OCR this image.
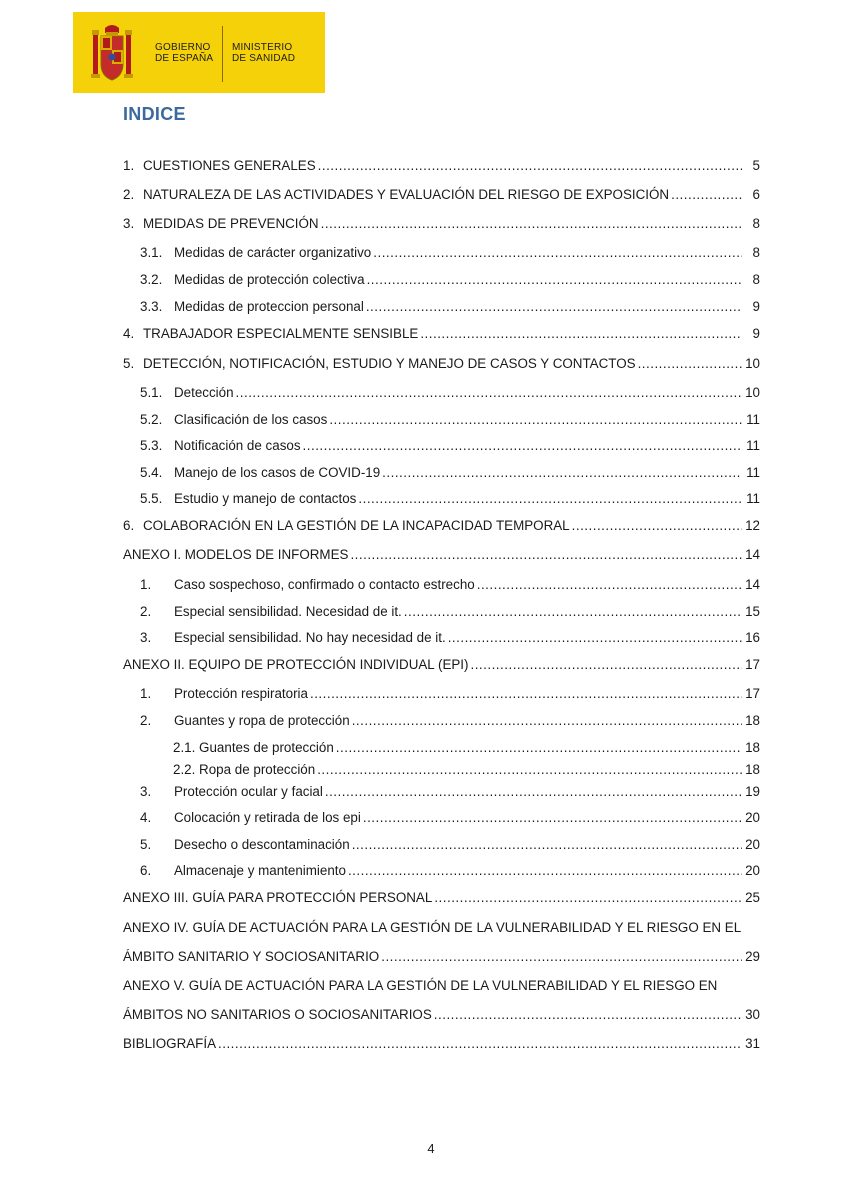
GOBIERNO
DE ESPAÑA
MINISTERIO
DE SANIDAD
INDICE
1. CUESTIONES GENERALES .....	5
2. NATURALEZA DE LAS ACTIVIDADES Y EVALUACIÓN DEL RIESGO DE EXPOSICIÓN .....	6
3. MEDIDAS DE PREVENCIÓN .....	8
3.1. Medidas de carácter organizativo .....	8
3.2. Medidas de protección colectiva .....	8
3.3. Medidas de proteccion personal .....	9
4. TRABAJADOR ESPECIALMENTE SENSIBLE .....	9
5. DETECCIÓN, NOTIFICACIÓN, ESTUDIO Y MANEJO DE CASOS Y CONTACTOS .....	10
5.1. Detección .....	10
5.2. Clasificación de los casos .....	11
5.3. Notificación de casos .....	11
5.4. Manejo de los casos de COVID-19 .....	11
5.5. Estudio y manejo de contactos .....	11
6. COLABORACIÓN EN LA GESTIÓN DE LA INCAPACIDAD TEMPORAL .....	12
ANEXO I. MODELOS DE INFORMES .....	14
1.	Caso sospechoso, confirmado o contacto estrecho .....	14
2.	Especial sensibilidad. Necesidad de it. .....	15
3.	Especial sensibilidad. No hay necesidad de it. .....	16
ANEXO II. EQUIPO DE PROTECCIÓN INDIVIDUAL (EPI) .....	17
1.	Protección respiratoria .....	17
2.	Guantes y ropa de protección .....	18
2.1. Guantes de protección .....	18
2.2. Ropa de protección .....	18
3.	Protección ocular y facial .....	19
4.	Colocación y retirada de los epi .....	20
5.	Desecho o descontaminación .....	20
6.	Almacenaje y mantenimiento .....	20
ANEXO III. GUÍA PARA PROTECCIÓN PERSONAL .....	25
ANEXO IV. GUÍA DE ACTUACIÓN PARA LA GESTIÓN DE LA VULNERABILIDAD Y EL RIESGO EN EL
ÁMBITO SANITARIO Y SOCIOSANITARIO .....	29
ANEXO V. GUÍA DE ACTUACIÓN PARA LA GESTIÓN DE LA VULNERABILIDAD Y EL RIESGO EN
ÁMBITOS NO SANITARIOS O SOCIOSANITARIOS .....	30
BIBLIOGRAFÍA .....	31
4
